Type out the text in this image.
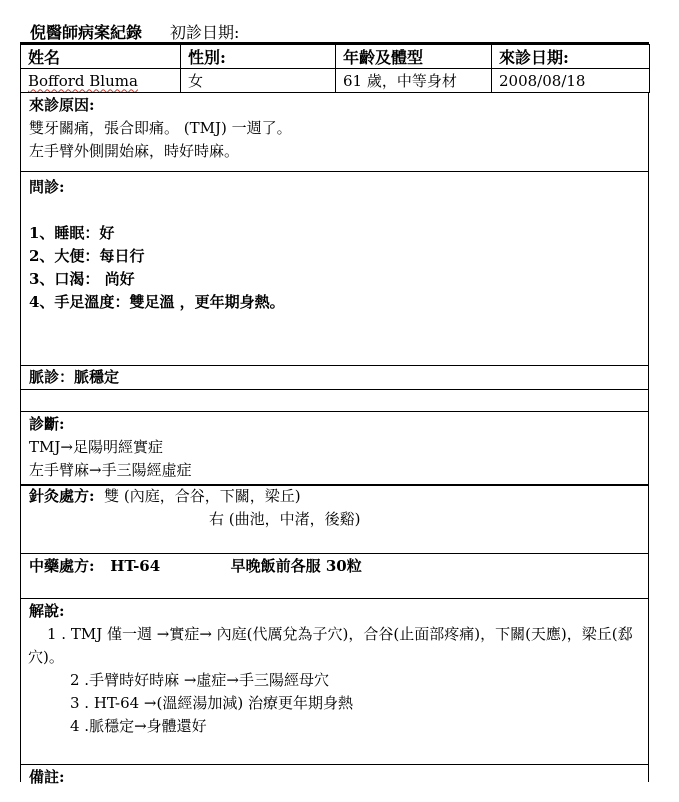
倪醫師病案紀錄 初診日期:
姓名	性別:	年齡及體型	來診日期:
Bofford Bluma	女	61 歲，中等身材	2008/08/18
來診原因:
雙牙關痛，張合即痛。 (TMJ) 一週了。
左手臂外側開始麻，時好時麻。
問診:
1、睡眠：好
2、大便：每日行
3、口渴： 尚好
4、手足溫度：雙足溫 ，更年期身熱。
脈診：脈穩定
診斷:
TMJ→足陽明經實症
左手臂麻→手三陽經虛症
針灸處方: 雙 (內庭，合谷，下關，梁丘)
右 (曲池，中渚，後谿)
中藥處方: HT-64	早晚飯前各服 30粒
解說:
1 . TMJ 僅一週 →實症→ 內庭(代厲兌為子穴)，合谷(止面部疼痛)，下關(天應)，梁丘(郄穴)。
2 .手臂時好時麻 →虛症→手三陽經母穴
3 . HT-64 →(溫經湯加減) 治療更年期身熱
4 .脈穩定→身體還好
備註:
